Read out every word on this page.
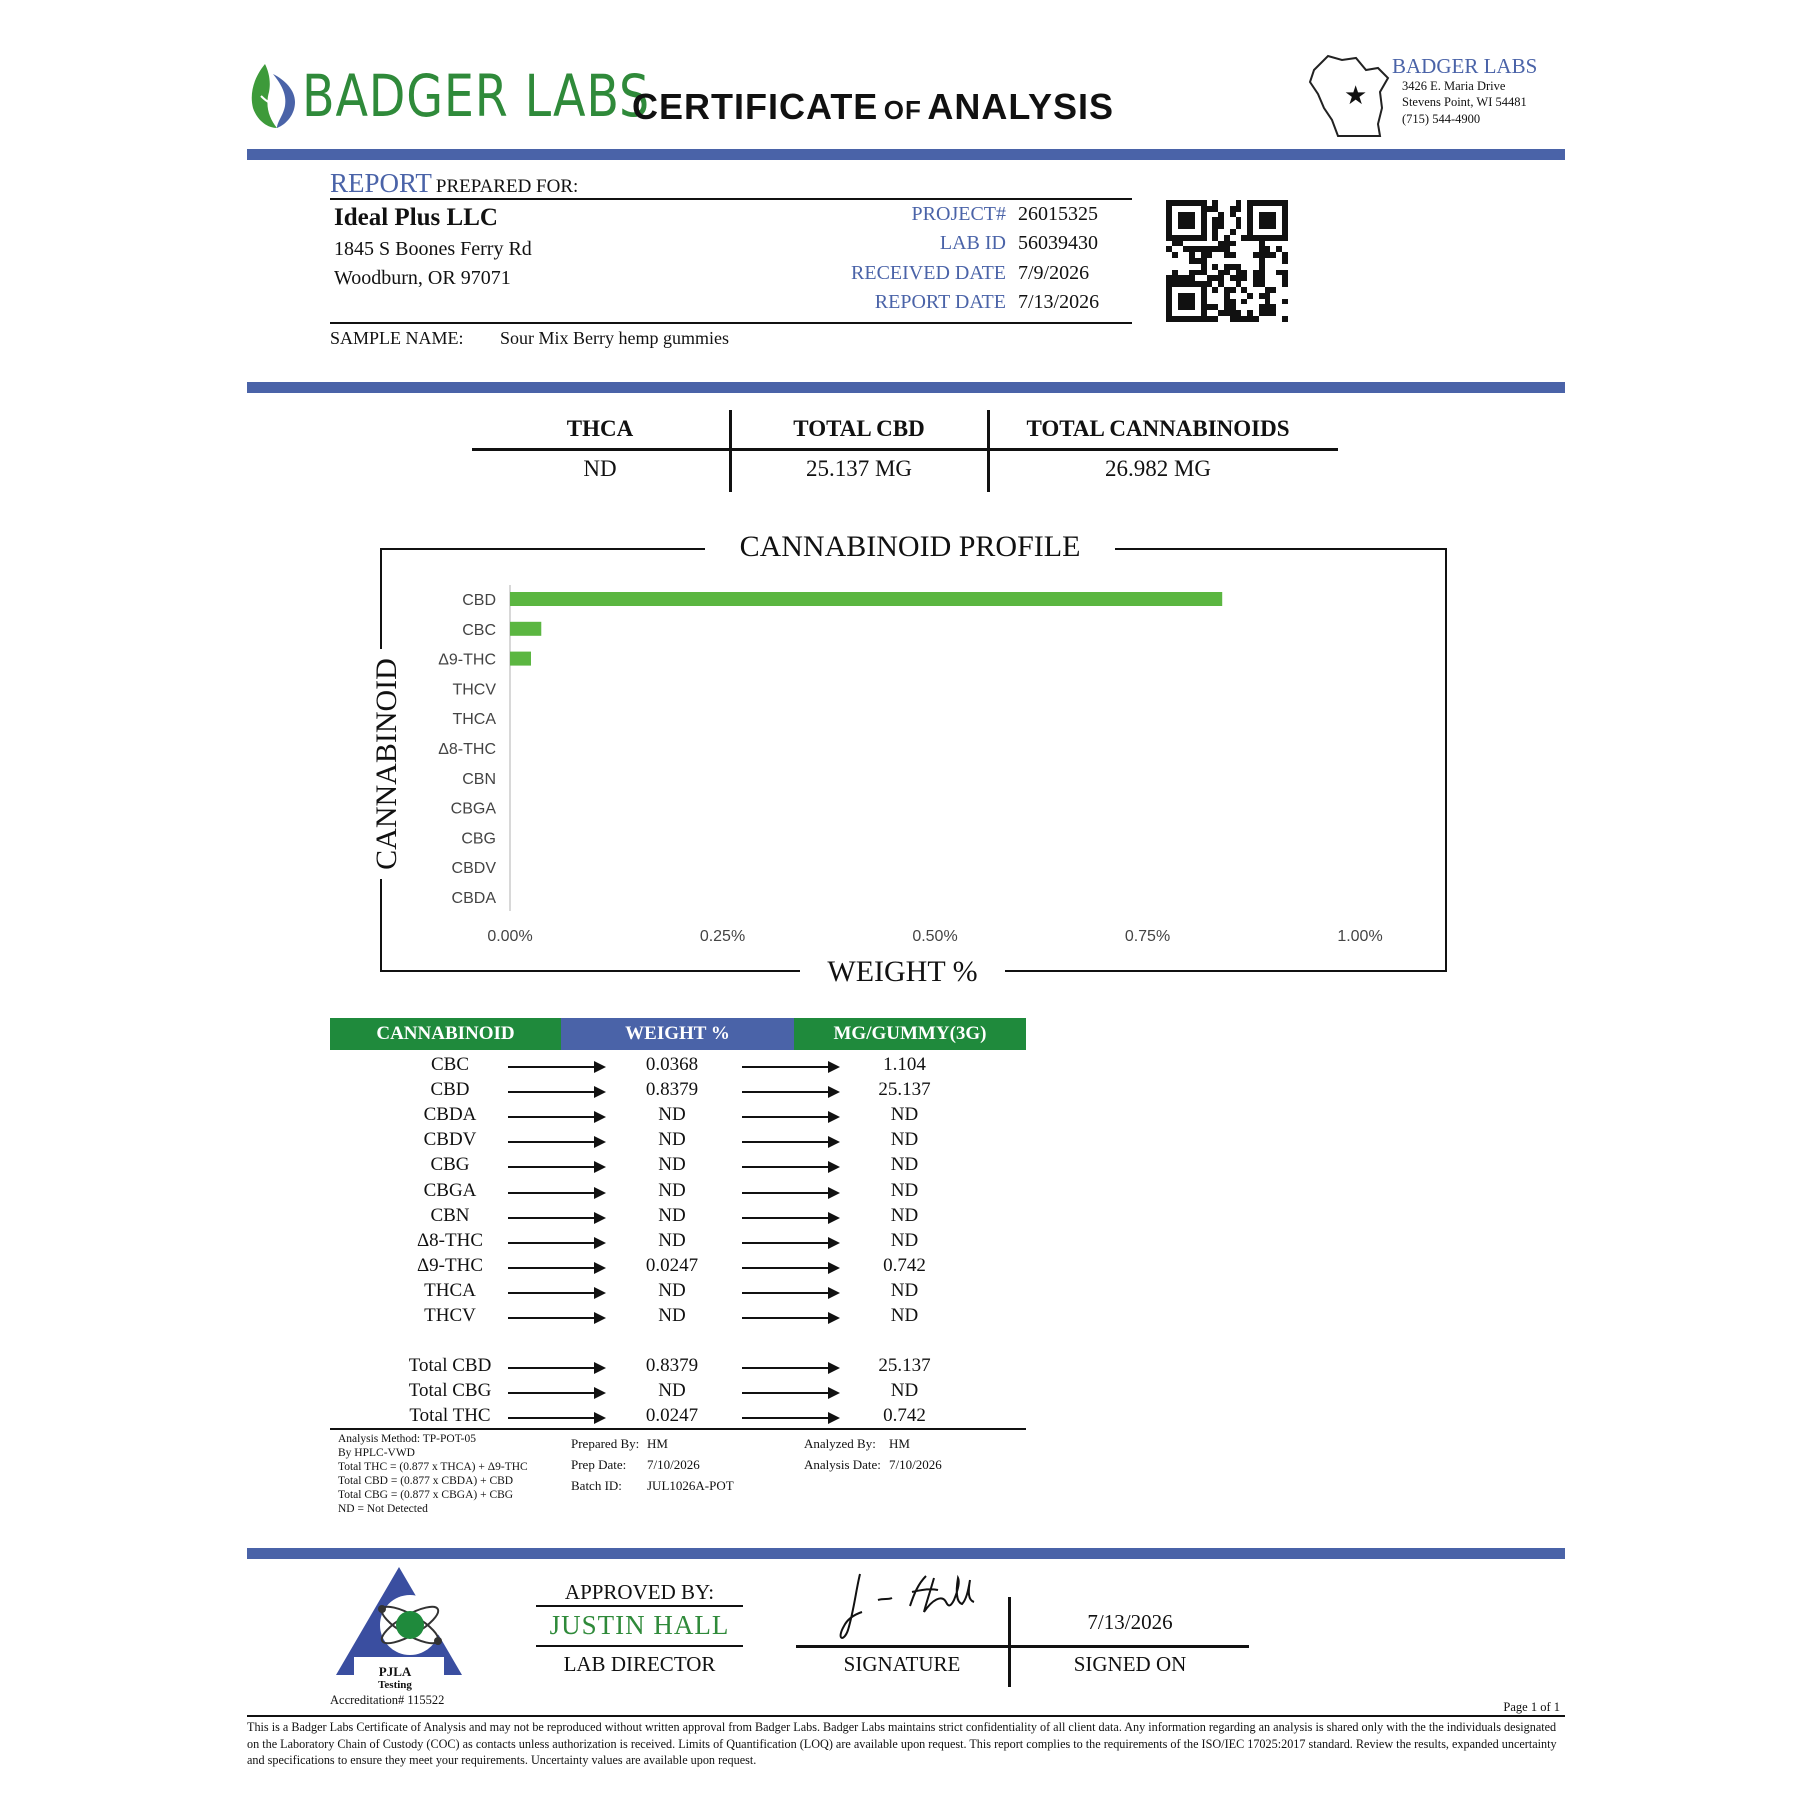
BADGER LABS
CERTIFICATE OF ANALYSIS	★
BADGER LABS
3426 E. Maria Drive
Stevens Point, WI 54481
(715) 544-4900
REPORT PREPARED FOR:
Ideal Plus LLC
1845 S Boones Ferry Rd
Woodburn, OR 97071
PROJECT# 26015325
LAB ID 56039430
RECEIVED DATE 7/9/2026
REPORT DATE 7/13/2026
SAMPLE NAME: Sour Mix Berry hemp gummies
THCA	TOTAL CBD	TOTAL CANNABINOIDS
ND	25.137 MG	26.982 MG
CANNABINOID PROFILE
WEIGHT %
CANNABINOID
CBD
CBC
Δ9-THC
THCV
THCA
Δ8-THC
CBN
CBGA
CBG
CBDV
CBDA
0.00%	0.25%	0.50%	0.75%	1.00%
CANNABINOID	WEIGHT %	MG/GUMMY(3G)
CBC	0.0368	1.104
CBD	0.8379	25.137
CBDA	ND	ND
CBDV	ND	ND
CBG	ND	ND
CBGA	ND	ND
CBN	ND	ND
Δ8-THC	ND	ND
Δ9-THC	0.0247	0.742
THCA	ND	ND
THCV	ND	ND
Total CBD	0.8379	25.137
Total CBG	ND	ND
Total THC	0.0247	0.742
Analysis Method: TP-POT-05
By HPLC-VWD
Total THC = (0.877 x THCA) + Δ9-THC
Total CBD = (0.877 x CBDA) + CBD
Total CBG = (0.877 x CBGA) + CBG
ND = Not Detected
Prepared By: HM
Prep Date: 7/10/2026
Batch ID: JUL1026A-POT
Analyzed By: HM
Analysis Date: 7/10/2026
PJLA
Testing
Accreditation# 115522
APPROVED BY:
JUSTIN HALL
LAB DIRECTOR	SIGNATURE
7/13/2026
SIGNED ON
Page 1 of 1
This is a Badger Labs Certificate of Analysis and may not be reproduced without written approval from Badger Labs. Badger Labs maintains strict confidentiality of all client data. Any information regarding an analysis is shared only with the the individuals designated on the Laboratory Chain of Custody (COC) as contacts unless authorization is received. Limits of Quantification (LOQ) are available upon request. This report complies to the requirements of the ISO/IEC 17025:2017 standard. Review the results, expanded uncertainty and specifications to ensure they meet your requirements. Uncertainty values are available upon request.
